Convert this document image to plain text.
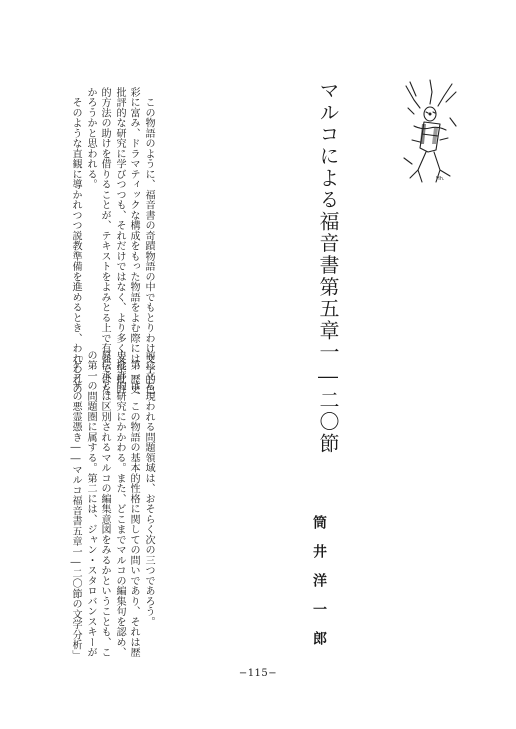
マルコによる福音書第五章一―二〇節
筒井洋一郎
Hh.
前に立ち現われる問題領域は、おそらく次の三つであろう。
　第一は、この物語の基本的性格に関しての問いであり、それは歴
史批評的研究にかかわる。また、どこまでマルコの編集句を認め、
原伝承とは区別されるマルコの編集意図をみるかということも、こ
の第一の問題圏に属する。第二には、ジャン・スタロバンスキーが
「ゲラサの悪霊憑き――マルコ福音書五章一―二〇節の文学分析」
　この物語のように、福音書の奇蹟物語の中でもとりわけ文学的色
彩に富み、ドラマティックな構成をもった物語をよむ際には、歴史
批評的な研究に学びつつも、それだけではなく、より多く文学批評
的方法の助けを借りることが、テキストをよみとる上で有益ではな
かろうかと思われる。
　そのような直観に導かれつつ説教準備を進めるとき、われわれの
−115−
